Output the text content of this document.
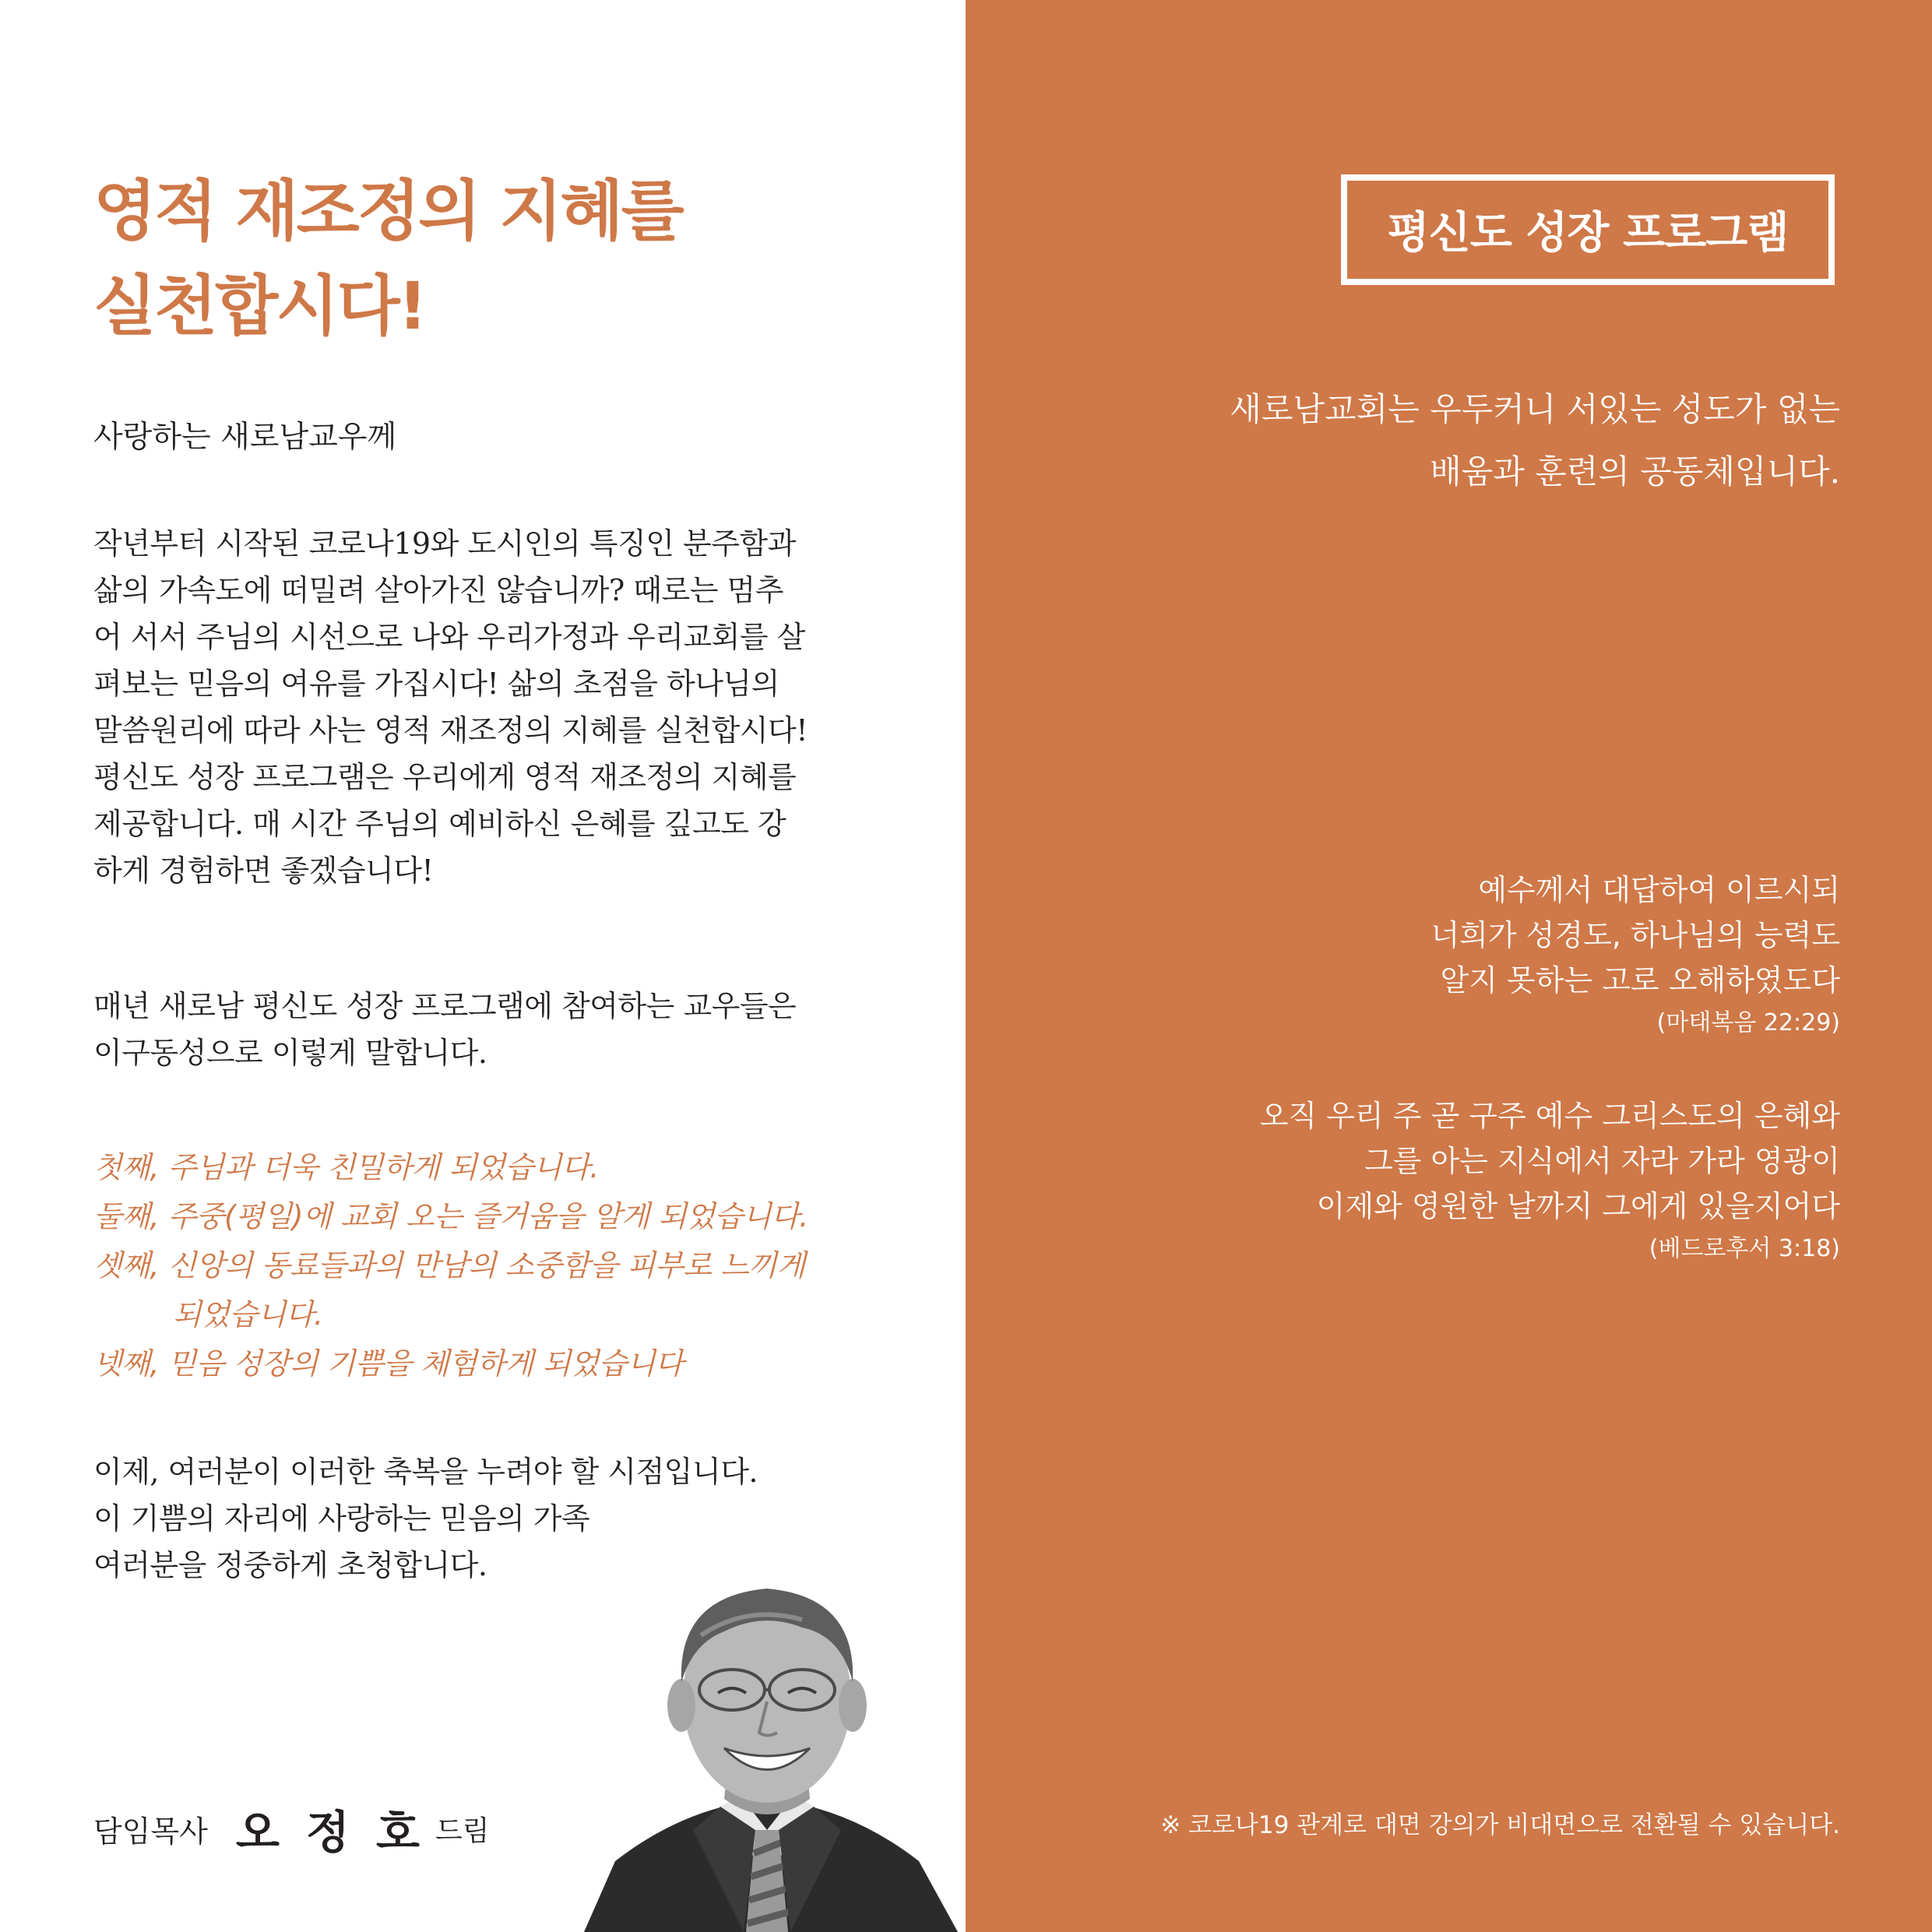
영적 재조정의 지혜를
실천합시다!
사랑하는 새로남교우께
작년부터 시작된 코로나19와 도시인의 특징인 분주함과
삶의 가속도에 떠밀려 살아가진 않습니까? 때로는 멈추
어 서서 주님의 시선으로 나와 우리가정과 우리교회를 살
펴보는 믿음의 여유를 가집시다! 삶의 초점을 하나님의
말씀원리에 따라 사는 영적 재조정의 지혜를 실천합시다!
평신도 성장 프로그램은 우리에게 영적 재조정의 지혜를
제공합니다. 매 시간 주님의 예비하신 은혜를 깊고도 강
하게 경험하면 좋겠습니다!
매년 새로남 평신도 성장 프로그램에 참여하는 교우들은
이구동성으로 이렇게 말합니다.
첫째, 주님과 더욱 친밀하게 되었습니다.
둘째, 주중(평일)에 교회 오는 즐거움을 알게 되었습니다.
셋째, 신앙의 동료들과의 만남의 소중함을 피부로 느끼게
되었습니다.
넷째, 믿음 성장의 기쁨을 체험하게 되었습니다
이제, 여러분이 이러한 축복을 누려야 할 시점입니다.
이 기쁨의 자리에 사랑하는 믿음의 가족
여러분을 정중하게 초청합니다.
담임목사 오정호
드림
평신도 성장 프로그램
새로남교회는 우두커니 서있는 성도가 없는
배움과 훈련의 공동체입니다.
예수께서 대답하여 이르시되
너희가 성경도, 하나님의 능력도
알지 못하는 고로 오해하였도다
(마태복음 22:29)
오직 우리 주 곧 구주 예수 그리스도의 은혜와
그를 아는 지식에서 자라 가라 영광이
이제와 영원한 날까지 그에게 있을지어다
(베드로후서 3:18)
※ 코로나19 관계로 대면 강의가 비대면으로 전환될 수 있습니다.
